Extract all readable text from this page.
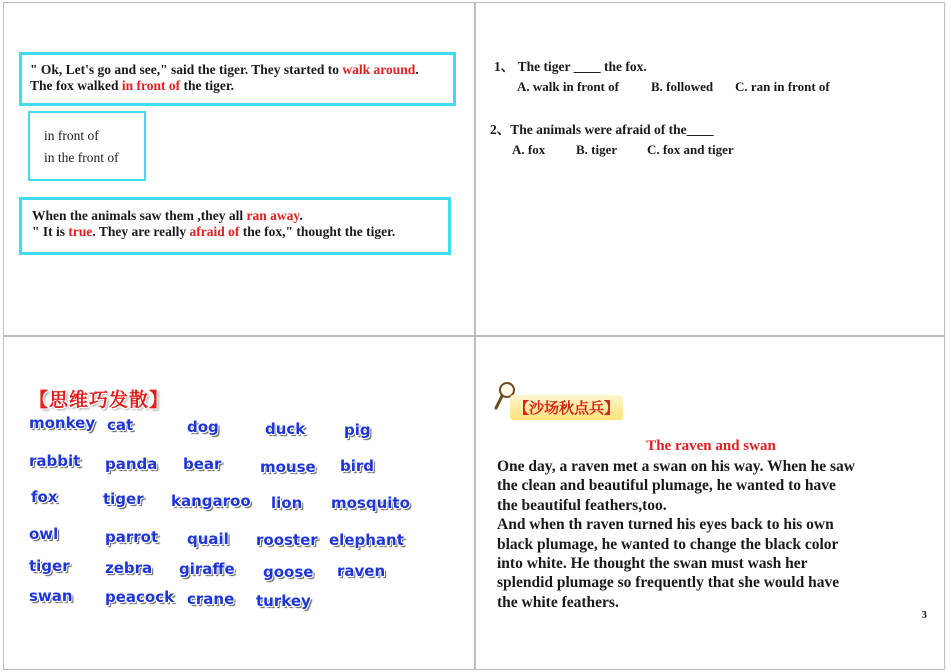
" Ok, Let's go and see," said the tiger. They started to walk around.
The fox walked in front of the tiger.
in front of
in the front of
When the animals saw them ,they all ran away.
" It is true. They are really afraid of the fox," thought the tiger.
1、 The tiger ____ the fox.
A. walk in front of B. followed C. ran in front of
2、The animals were afraid of the____
A. fox B. tiger C. fox and tiger
【思维巧发散】
monkey cat	dog	duck	pig
rabbit panda bear	mouse bird
fox	tiger kangaroo lion mosquito
owl	parrot quail rooster elephant
tiger zebra giraffe goose raven
swan peacock crane turkey
【沙场秋点兵】
The raven and swan

One day, a raven met a swan on his way. When he saw

the clean and beautiful plumage, he wanted to have

the beautiful feathers,too.

And when th raven turned his eyes back to his own

black plumage, he wanted to change the black color

into white. He thought the swan must wash her

splendid plumage so frequently that she would have

the white feathers.

3
